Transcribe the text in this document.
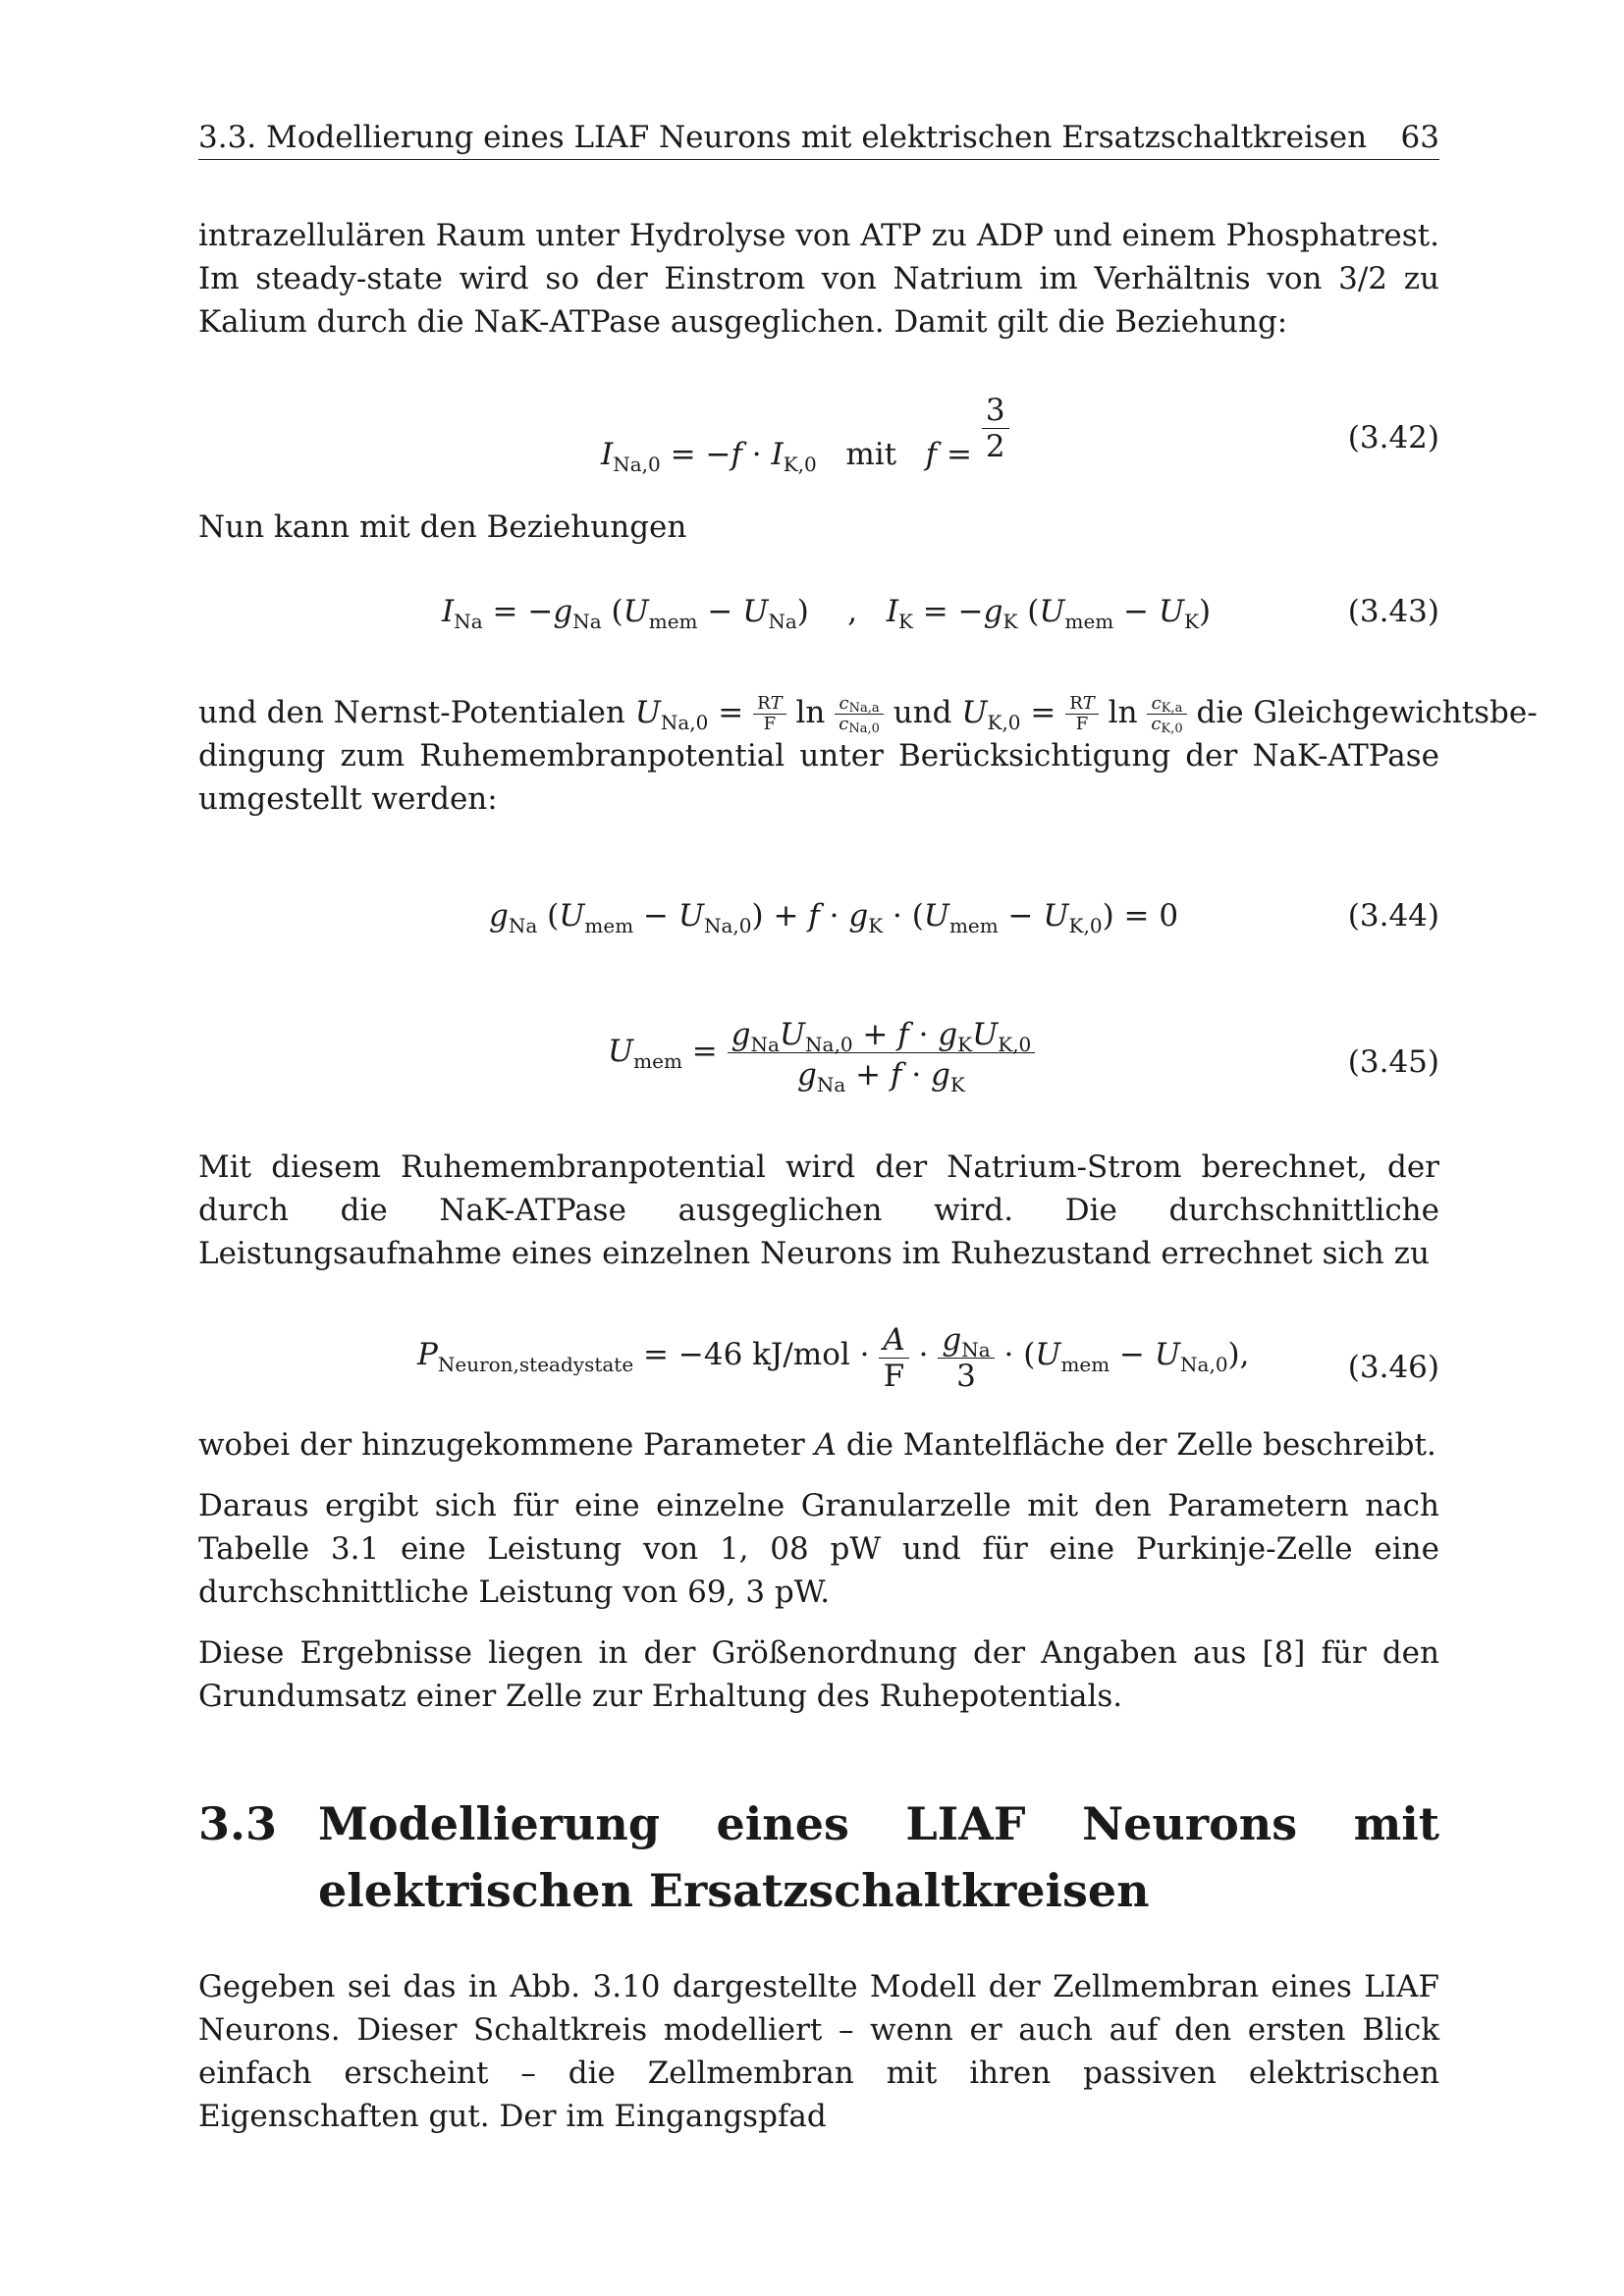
3.3. Modellierung eines LIAF Neurons mit elektrischen Ersatzschaltkreisen 63

intrazellulären Raum unter Hydrolyse von ATP zu ADP und einem Phosphatrest. Im steady-state wird so der Einstrom von Natrium im Verhältnis von 3/2 zu Kalium durch die NaK-ATPase ausgeglichen. Damit gilt die Beziehung:

$I_{Na,0} = -f \cdot I_{K,0}$ mit $f = \frac{3}{2}$	(3.42)

Nun kann mit den Beziehungen

$I_{Na} = -g_{Na}$ $(U_{mem} - U_{Na})$    ,   $I_K = -g_K$ $(U_{mem} - U_K)$	(3.43)
und den Nernst-Potentialen $U_{Na,0} = \frac{RT}{F}$ $\ln \frac{c_{Na,a}}{c_{Na,0}}$ und $U_{K,0} = \frac{RT}{F}$ $\ln \frac{c_{K,a}}{c_{K,0}}$ die Gleichgewichtsbe-
dingung zum Ruhemembranpotential unter Berücksichtigung der NaK-ATPase umgestellt werden:
$g_{Na}$ $(U_{mem} - U_{Na,0}) + f \cdot g_K \cdot (U_{mem} - U_{K,0}) = 0$	(3.44)
$U_{mem} = \frac{g_{Na}U_{Na,0} + f \cdot g_KU_{K,0}}{g_{Na} + f \cdot g_K}$	(3.45)

Mit diesem Ruhemembranpotential wird der Natrium-Strom berechnet, der durch die NaK-ATPase ausgeglichen wird. Die durchschnittliche Leistungsaufnahme eines einzelnen Neurons im Ruhezustand errechnet sich zu

$P_{Neuron,steadystate} = -46$ $kJ/mol \cdot \frac{A}{F} \cdot \frac{g_{Na}}{3} \cdot (U_{mem} - U_{Na,0})$,	(3.46)

wobei der hinzugekommene Parameter A die Mantelfläche der Zelle beschreibt.

Daraus ergibt sich für eine einzelne Granularzelle mit den Parametern nach Tabelle 3.1 eine Leistung von 1, 08 pW und für eine Purkinje-Zelle eine durchschnittliche Leistung von 69, 3 pW.

Diese Ergebnisse liegen in der Größenordnung der Angaben aus [8] für den Grundumsatz einer Zelle zur Erhaltung des Ruhepotentials.

3.3 Modellierung eines LIAF Neurons mit elektrischen Ersatzschaltkreisen

Gegeben sei das in Abb. 3.10 dargestellte Modell der Zellmembran eines LIAF Neurons. Dieser Schaltkreis modelliert – wenn er auch auf den ersten Blick einfach erscheint – die Zellmembran mit ihren passiven elektrischen Eigenschaften gut. Der im Eingangspfad
